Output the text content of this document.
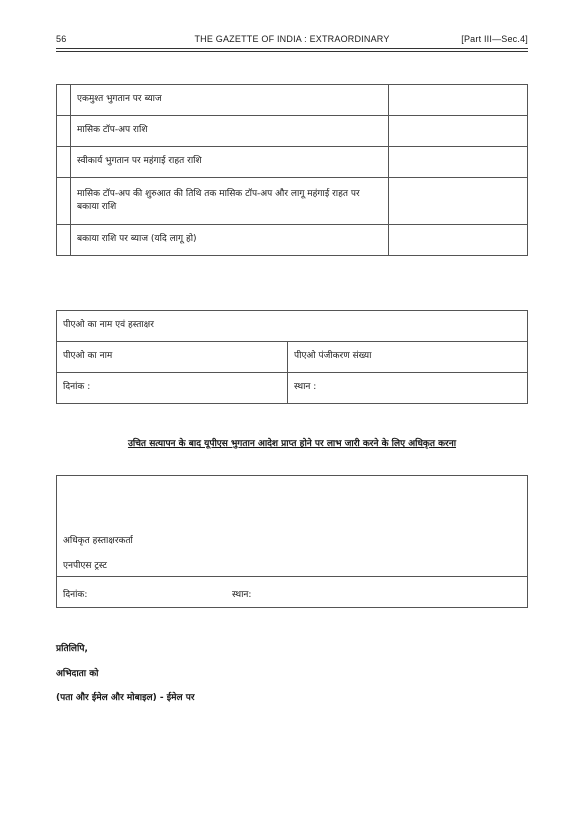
56	THE GAZETTE OF INDIA : EXTRAORDINARY	[Part III—Sec.4]
	एकमुश्त भुगतान पर ब्याज	
	मासिक टॉप-अप राशि	
	स्वीकार्य भुगतान पर महंगाई राहत राशि	
	मासिक टॉप-अप की शुरुआत की तिथि तक मासिक टॉप-अप और लागू महंगाई राहत पर बकाया राशि	
	बकाया राशि पर ब्याज (यदि लागू हो)	
पीएओ का नाम एवं हस्ताक्षर	
पीएओ का नाम	पीएओ पंजीकरण संख्या
दिनांक :	स्थान :
उचित सत्यापन के बाद यूपीएस भुगतान आदेश प्राप्त होने पर लाभ जारी करने के लिए अधिकृत करना
अधिकृत हस्ताक्षरकर्ता
एनपीएस ट्रस्ट
दिनांक:	स्थान:
प्रतिलिपि,
अभिदाता को
(पता और ईमेल और मोबाइल) - ईमेल पर
